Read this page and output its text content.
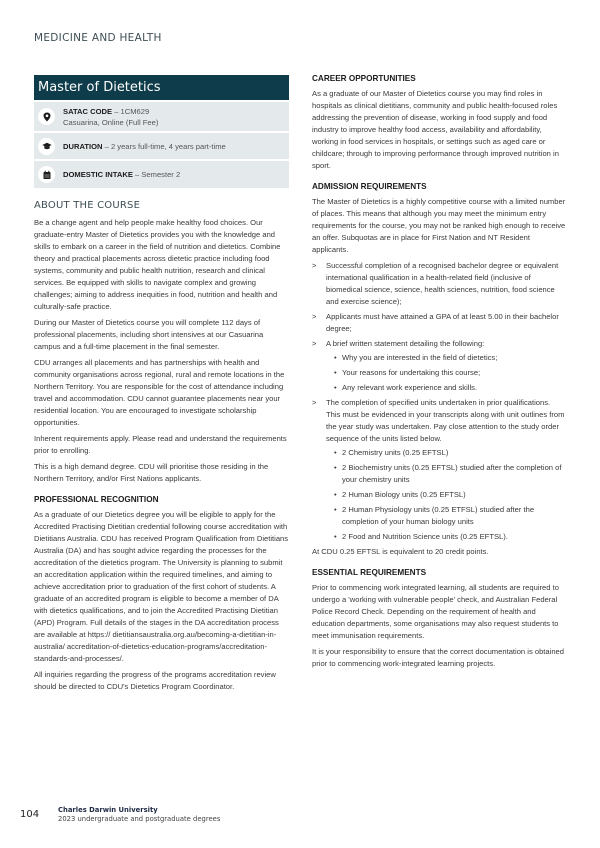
MEDICINE AND HEALTH
Master of Dietetics
SATAC CODE – 1CM629
Casuarina, Online (Full Fee)
DURATION – 2 years full-time, 4 years part-time
DOMESTIC INTAKE – Semester 2
ABOUT THE COURSE

Be a change agent and help people make healthy food choices. Our graduate-entry Master of Dietetics provides you with the knowledge and skills to embark on a career in the field of nutrition and dietetics. Combine theory and practical placements across dietetic practice including food systems, community and public health nutrition, research and clinical services. Be equipped with skills to navigate complex and growing challenges; aiming to address inequities in food, nutrition and health and culturally-safe practice.

During our Master of Dietetics course you will complete 112 days of professional placements, including short intensives at our Casuarina campus and a full-time placement in the final semester.

CDU arranges all placements and has partnerships with health and community organisations across regional, rural and remote locations in the Northern Territory. You are responsible for the cost of attendance including travel and accommodation. CDU cannot guarantee placements near your residential location. You are encouraged to investigate scholarship opportunities.

Inherent requirements apply. Please read and understand the requirements prior to enrolling.

This is a high demand degree. CDU will prioritise those residing in the Northern Territory, and/or First Nations applicants.

PROFESSIONAL RECOGNITION

As a graduate of our Dietetics degree you will be eligible to apply for the Accredited Practising Dietitian credential following course accreditation with Dietitians Australia. CDU has received Program Qualification from Dietitians Australia (DA) and has sought advice regarding the processes for the accreditation of the dietetics program. The University is planning to submit an accreditation application within the required timelines, and aiming to achieve accreditation prior to graduation of the first cohort of students. A graduate of an accredited program is eligible to become a member of DA with dietetics qualifications, and to join the Accredited Practising Dietitian (APD) Program. Full details of the stages in the DA accreditation process are available at https:// dietitiansaustralia.org.au/becoming-a-dietitian-in-australia/ accreditation-of-dietetics-education-programs/accreditation-standards-and-processes/.

All inquiries regarding the progress of the programs accreditation review should be directed to CDU's Dietetics Program Coordinator.

CAREER OPPORTUNITIES

As a graduate of our Master of Dietetics course you may find roles in hospitals as clinical dietitians, community and public health-focused roles addressing the prevention of disease, working in food supply and food industry to improve healthy food access, availability and affordability, working in food services in hospitals, or settings such as aged care or childcare; through to improving performance through improved nutrition in sport.

ADMISSION REQUIREMENTS

The Master of Dietetics is a highly competitive course with a limited number of places. This means that although you may meet the minimum entry requirements for the course, you may not be ranked high enough to receive an offer. Subquotas are in place for First Nation and NT Resident applicants.

> Successful completion of a recognised bachelor degree or equivalent international qualification in a health-related field (inclusive of biomedical science, science, health sciences, nutrition, food science and exercise science);
> Applicants must have attained a GPA of at least 5.00 in their bachelor degree;
> A brief written statement detailing the following:
• Why you are interested in the field of dietetics;
• Your reasons for undertaking this course;
• Any relevant work experience and skills.
> The completion of specified units undertaken in prior qualifications. This must be evidenced in your transcripts along with unit outlines from the year study was undertaken. Pay close attention to the study order sequence of the units listed below.
• 2 Chemistry units (0.25 EFTSL)
• 2 Biochemistry units (0.25 EFTSL) studied after the completion of your chemistry units
• 2 Human Biology units (0.25 EFTSL)
• 2 Human Physiology units (0.25 ETFSL) studied after the completion of your human biology units
• 2 Food and Nutrition Science units (0.25 EFTSL).

At CDU 0.25 EFTSL is equivalent to 20 credit points.

ESSENTIAL REQUIREMENTS

Prior to commencing work integrated learning, all students are required to undergo a 'working with vulnerable people' check, and Australian Federal Police Record Check. Depending on the requirement of health and education departments, some organisations may also request students to meet immunisation requirements.

It is your responsibility to ensure that the correct documentation is obtained prior to commencing work-integrated learning projects.

104	Charles Darwin University
2023 undergraduate and postgraduate degrees
